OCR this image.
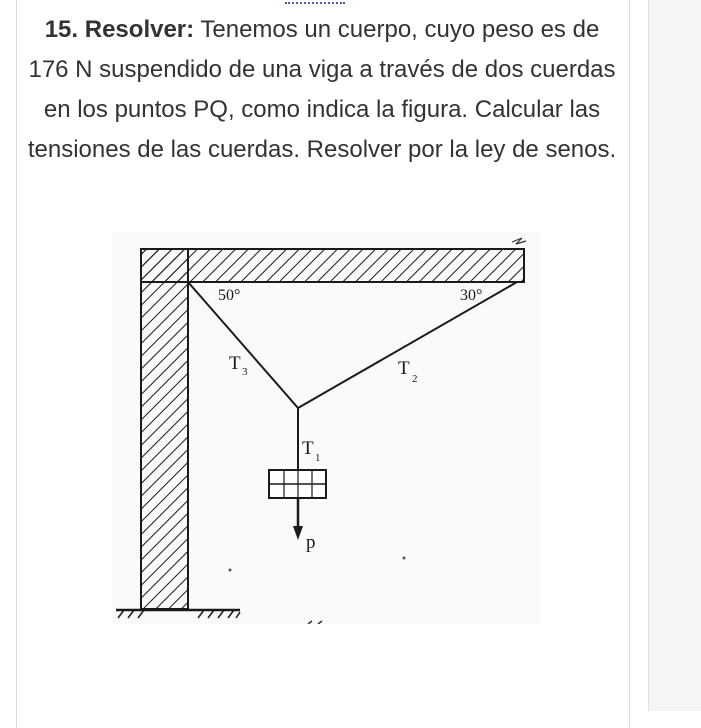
15. Resolver: Tenemos un cuerpo, cuyo peso es de 176 N suspendido de una viga a través de dos cuerdas en los puntos PQ, como indica la figura. Calcular las tensiones de las cuerdas. Resolver por la ley de senos.
50°	30°
T 3	T 2
T 1
p
